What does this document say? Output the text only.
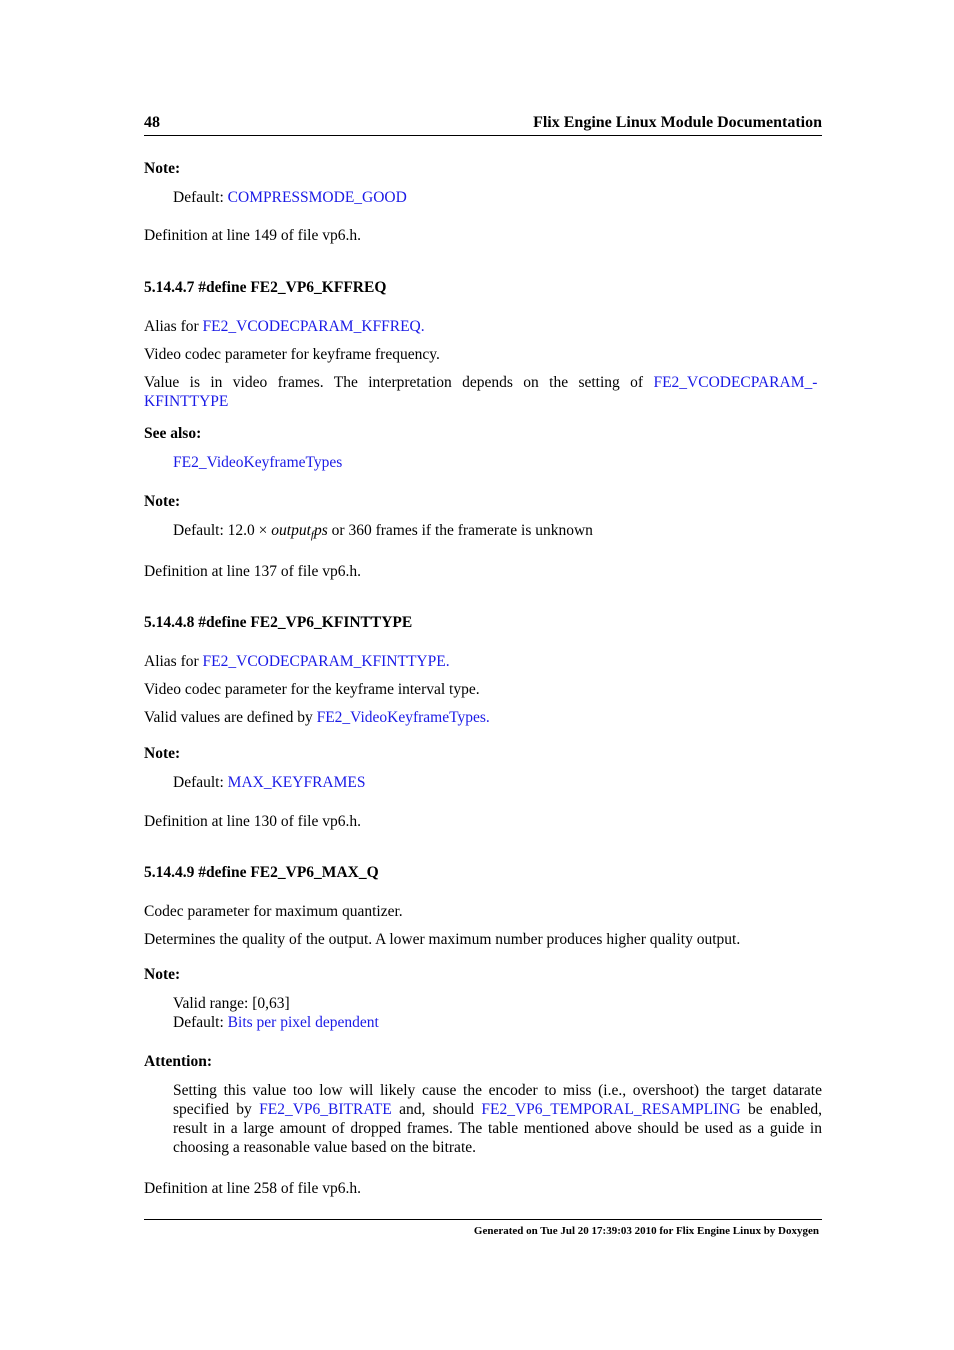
48	Flix Engine Linux Module Documentation
Note:
Default: COMPRESSMODE_GOOD
Definition at line 149 of file vp6.h.
5.14.4.7 #define FE2_VP6_KFFREQ
Alias for FE2_VCODECPARAM_KFFREQ.
Video codec parameter for keyframe frequency.
Value is in video frames. The interpretation depends on the setting of FE2_VCODECPARAM_-
KFINTTYPE
See also:
FE2_VideoKeyframeTypes
Note:
Default: 12.0 × output$_f$ps or 360 frames if the framerate is unknown
Definition at line 137 of file vp6.h.
5.14.4.8 #define FE2_VP6_KFINTTYPE
Alias for FE2_VCODECPARAM_KFINTTYPE.
Video codec parameter for the keyframe interval type.
Valid values are defined by FE2_VideoKeyframeTypes.
Note:
Default: MAX_KEYFRAMES
Definition at line 130 of file vp6.h.
5.14.4.9 #define FE2_VP6_MAX_Q
Codec parameter for maximum quantizer.
Determines the quality of the output. A lower maximum number produces higher quality output.
Note:
Valid range: [0,63]
Default: Bits per pixel dependent
Attention:
Setting this value too low will likely cause the encoder to miss (i.e., overshoot) the target datarate specified by FE2_VP6_BITRATE and, should FE2_VP6_TEMPORAL_RESAMPLING be enabled, result in a large amount of dropped frames. The table mentioned above should be used as a guide in choosing a reasonable value based on the bitrate.
Definition at line 258 of file vp6.h.
Generated on Tue Jul 20 17:39:03 2010 for Flix Engine Linux by Doxygen
